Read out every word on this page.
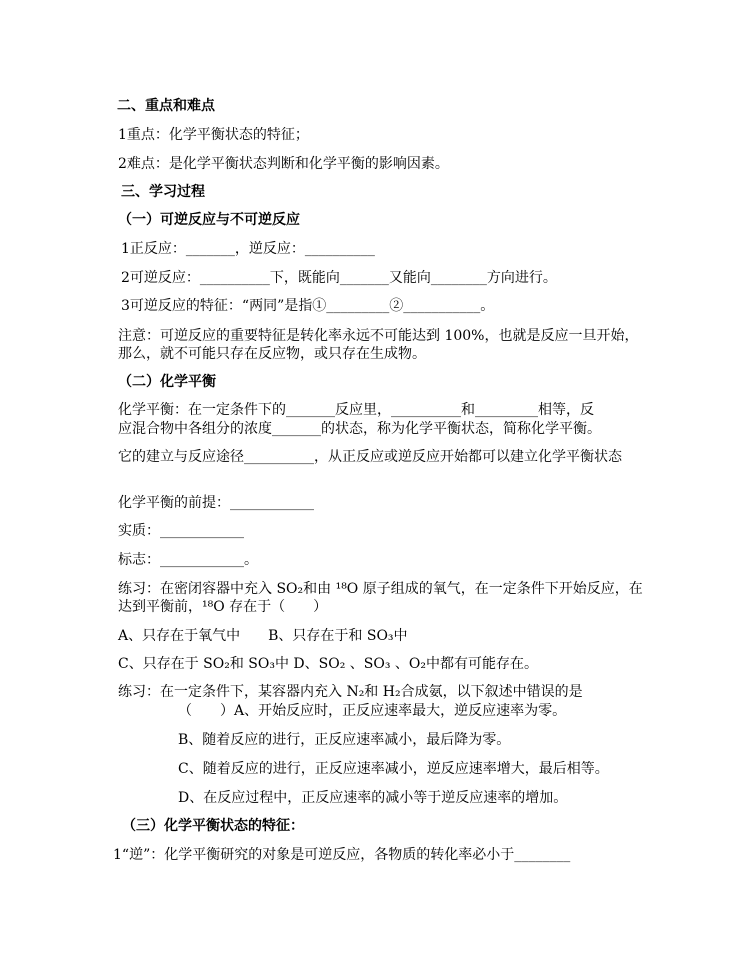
二、重点和难点
1重点：化学平衡状态的特征；
2难点：是化学平衡状态判断和化学平衡的影响因素。
三、学习过程
（一）可逆反应与不可逆反应
1正反应：_______，逆反应：__________
2可逆反应：__________下，既能向_______又能向________方向进行。
3可逆反应的特征：“两同”是指①_________②___________。
注意：可逆反应的重要特征是转化率永远不可能达到 100%，也就是反应一旦开始，
那么，就不可能只存在反应物，或只存在生成物。
（二）化学平衡
化学平衡：在一定条件下的_______反应里，__________和_________相等，反
应混合物中各组分的浓度_______的状态，称为化学平衡状态，简称化学平衡。
它的建立与反应途径__________，从正反应或逆反应开始都可以建立化学平衡状态
化学平衡的前提：____________
实质：____________
标志：____________。
练习：在密闭容器中充入 SO₂和由 ¹⁸O 原子组成的氧气，在一定条件下开始反应，在
达到平衡前，¹⁸O 存在于（　　）
A、只存在于氧气中　　B、只存在于和 SO₃中
C、只存在于 SO₂和 SO₃中 D、SO₂ 、SO₃ 、O₂中都有可能存在。
练习：在一定条件下，某容器内充入 N₂和 H₂合成氨，以下叙述中错误的是
（　　）A、开始反应时，正反应速率最大，逆反应速率为零。
B、随着反应的进行，正反应速率减小，最后降为零。
C、随着反应的进行，正反应速率减小，逆反应速率增大，最后相等。
D、在反应过程中，正反应速率的减小等于逆反应速率的增加。
（三）化学平衡状态的特征：
1“逆”：化学平衡研究的对象是可逆反应，各物质的转化率必小于________
